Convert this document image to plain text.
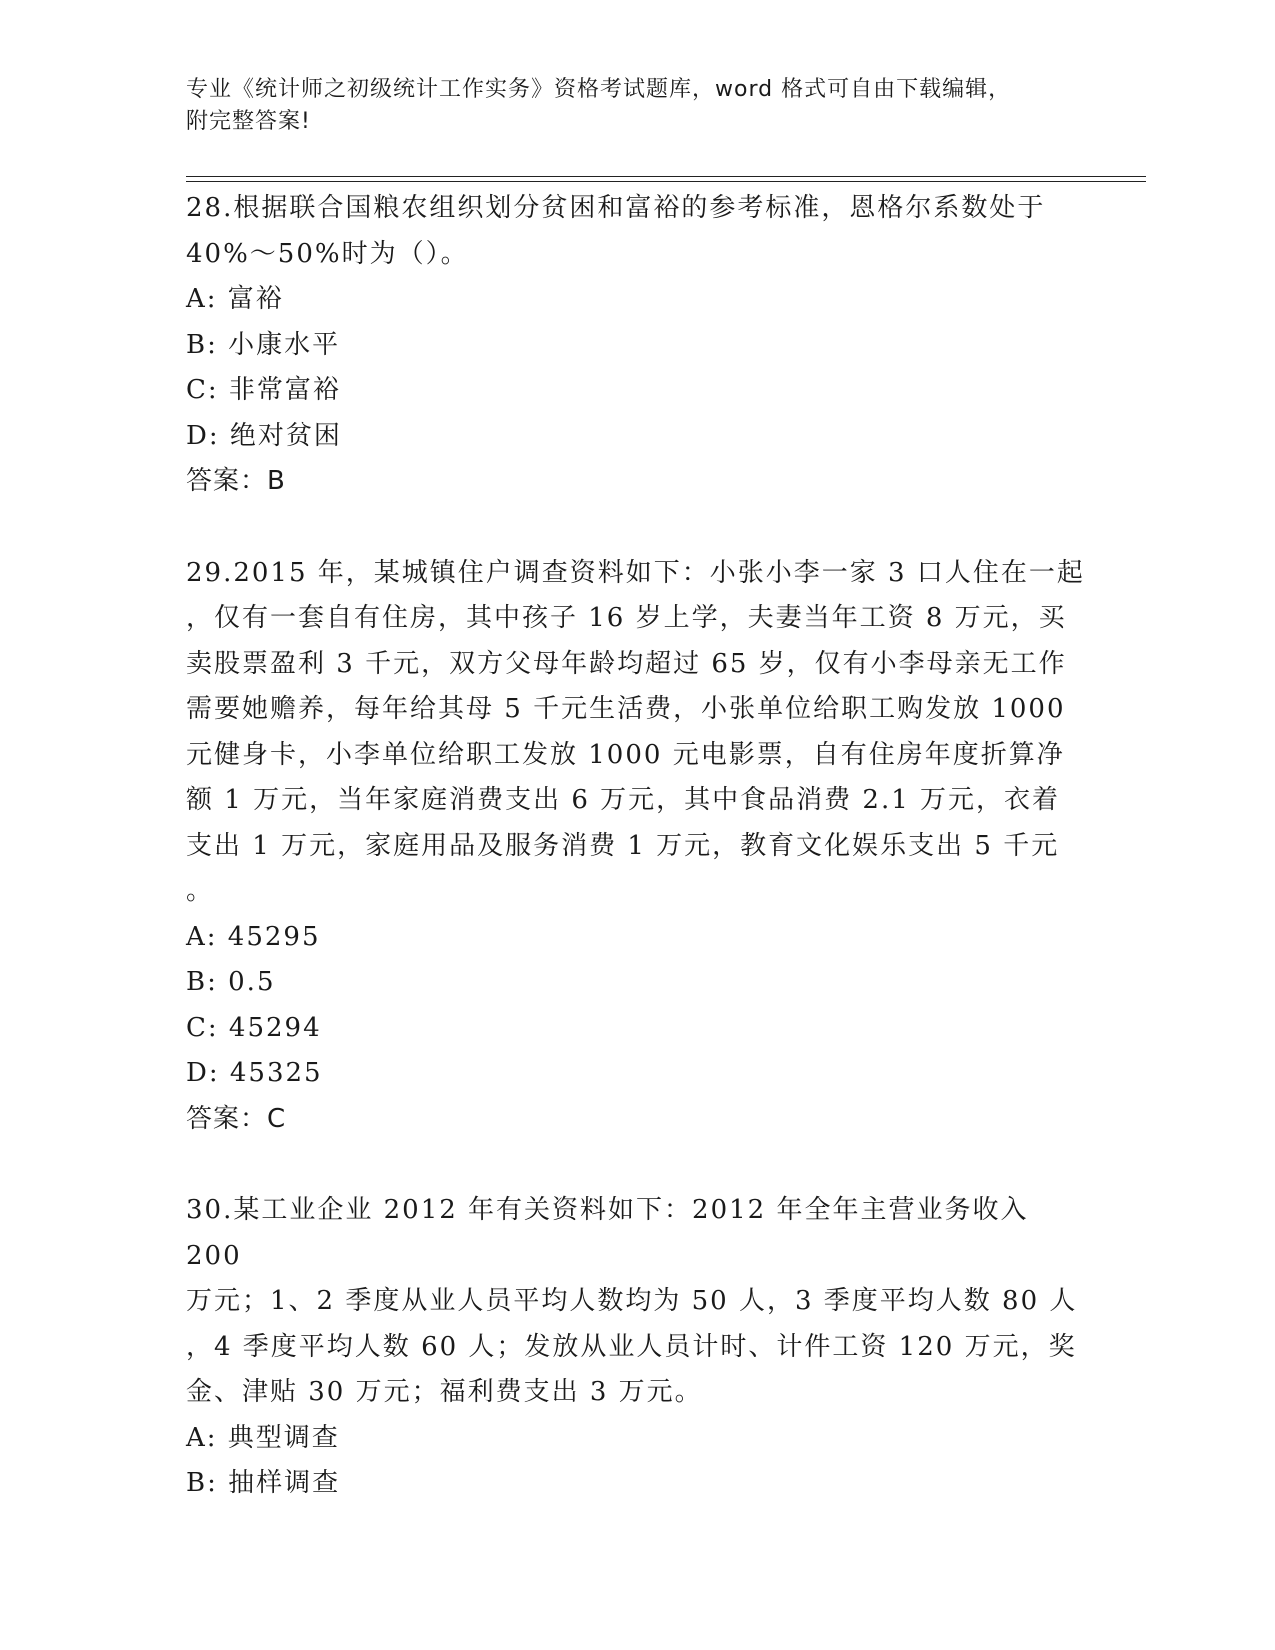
专业《统计师之初级统计工作实务》资格考试题库，word 格式可自由下载编辑，
附完整答案!
28.根据联合国粮农组织划分贫困和富裕的参考标准，恩格尔系数处于
40%～50%时为（）。
A: 富裕
B: 小康水平
C: 非常富裕
D: 绝对贫困
答案：B
29.2015 年，某城镇住户调查资料如下：小张小李一家 3 口人住在一起
，仅有一套自有住房，其中孩子 16 岁上学，夫妻当年工资 8 万元，买
卖股票盈利 3 千元，双方父母年龄均超过 65 岁，仅有小李母亲无工作
需要她赡养，每年给其母 5 千元生活费，小张单位给职工购发放 1000
元健身卡，小李单位给职工发放 1000 元电影票，自有住房年度折算净
额 1 万元，当年家庭消费支出 6 万元，其中食品消费 2.1 万元，衣着
支出 1 万元，家庭用品及服务消费 1 万元，教育文化娱乐支出 5 千元
。
A: 45295
B: 0.5
C: 45294
D: 45325
答案：C
30.某工业企业 2012 年有关资料如下：2012 年全年主营业务收入 200
万元；1、2 季度从业人员平均人数均为 50 人，3 季度平均人数 80 人
，4 季度平均人数 60 人；发放从业人员计时、计件工资 120 万元，奖
金、津贴 30 万元；福利费支出 3 万元。
A: 典型调查
B: 抽样调查
